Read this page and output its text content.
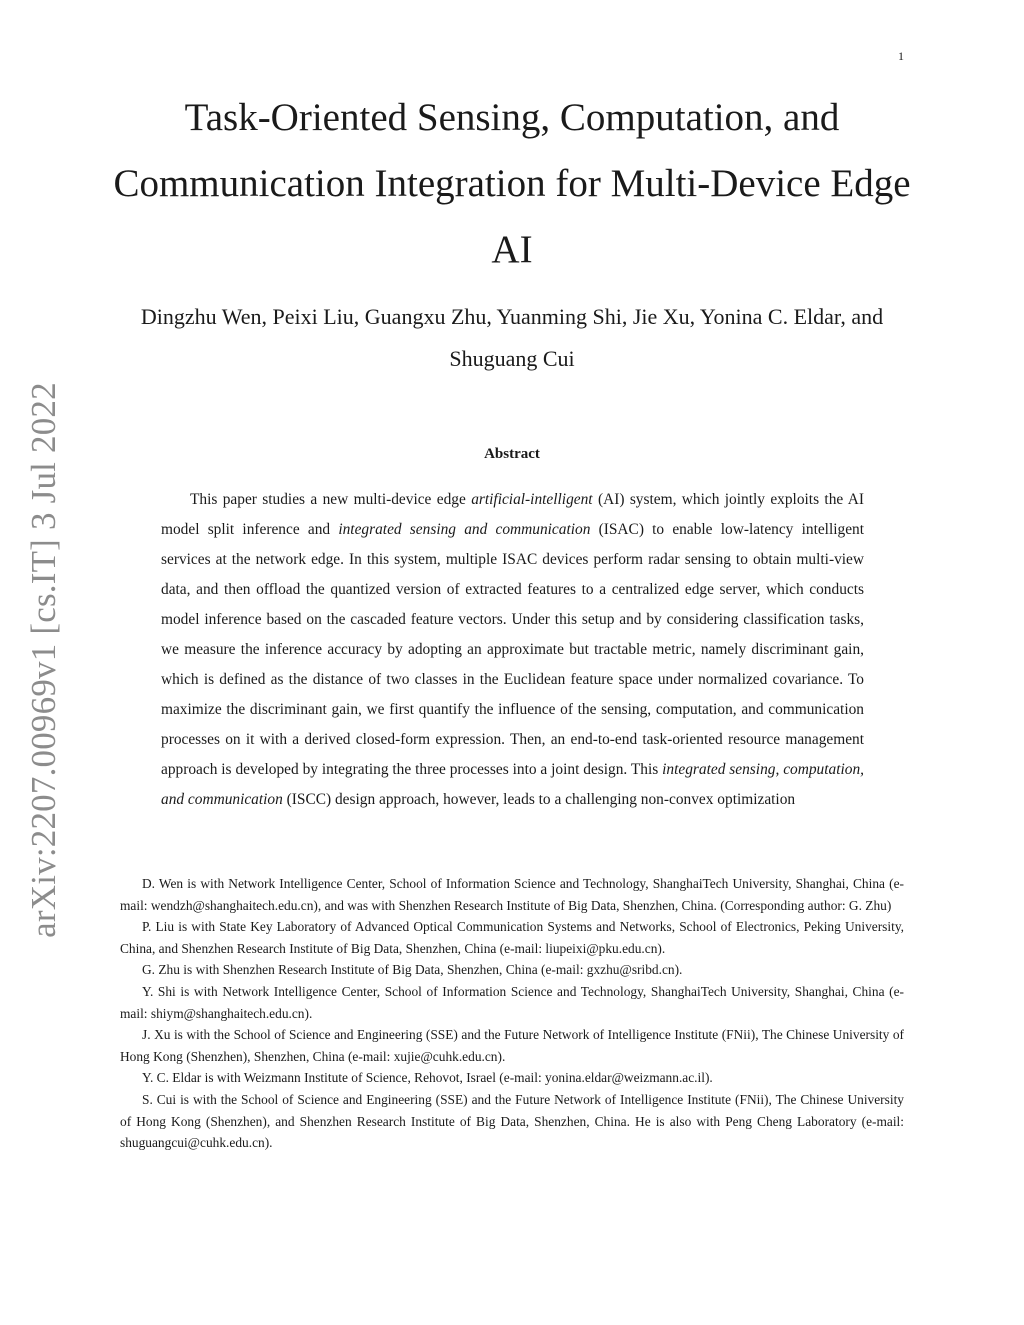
1
arXiv:2207.00969v1 [cs.IT] 3 Jul 2022
Task-Oriented Sensing, Computation, and Communication Integration for Multi-Device Edge AI

Dingzhu Wen, Peixi Liu, Guangxu Zhu, Yuanming Shi, Jie Xu, Yonina C. Eldar, and Shuguang Cui

Abstract

This paper studies a new multi-device edge artificial-intelligent (AI) system, which jointly exploits the AI model split inference and integrated sensing and communication (ISAC) to enable low-latency intelligent services at the network edge. In this system, multiple ISAC devices perform radar sensing to obtain multi-view data, and then offload the quantized version of extracted features to a centralized edge server, which conducts model inference based on the cascaded feature vectors. Under this setup and by considering classification tasks, we measure the inference accuracy by adopting an approximate but tractable metric, namely discriminant gain, which is defined as the distance of two classes in the Euclidean feature space under normalized covariance. To maximize the discriminant gain, we first quantify the influence of the sensing, computation, and communication processes on it with a derived closed-form expression. Then, an end-to-end task-oriented resource management approach is developed by integrating the three processes into a joint design. This integrated sensing, computation, and communication (ISCC) design approach, however, leads to a challenging non-convex optimization

D. Wen is with Network Intelligence Center, School of Information Science and Technology, ShanghaiTech University, Shanghai, China (e-mail: wendzh@shanghaitech.edu.cn), and was with Shenzhen Research Institute of Big Data, Shenzhen, China. (Corresponding author: G. Zhu)

P. Liu is with State Key Laboratory of Advanced Optical Communication Systems and Networks, School of Electronics, Peking University, China, and Shenzhen Research Institute of Big Data, Shenzhen, China (e-mail: liupeixi@pku.edu.cn).

G. Zhu is with Shenzhen Research Institute of Big Data, Shenzhen, China (e-mail: gxzhu@sribd.cn).

Y. Shi is with Network Intelligence Center, School of Information Science and Technology, ShanghaiTech University, Shanghai, China (e-mail: shiym@shanghaitech.edu.cn).

J. Xu is with the School of Science and Engineering (SSE) and the Future Network of Intelligence Institute (FNii), The Chinese University of Hong Kong (Shenzhen), Shenzhen, China (e-mail: xujie@cuhk.edu.cn).

Y. C. Eldar is with Weizmann Institute of Science, Rehovot, Israel (e-mail: yonina.eldar@weizmann.ac.il).

S. Cui is with the School of Science and Engineering (SSE) and the Future Network of Intelligence Institute (FNii), The Chinese University of Hong Kong (Shenzhen), and Shenzhen Research Institute of Big Data, Shenzhen, China. He is also with Peng Cheng Laboratory (e-mail: shuguangcui@cuhk.edu.cn).
